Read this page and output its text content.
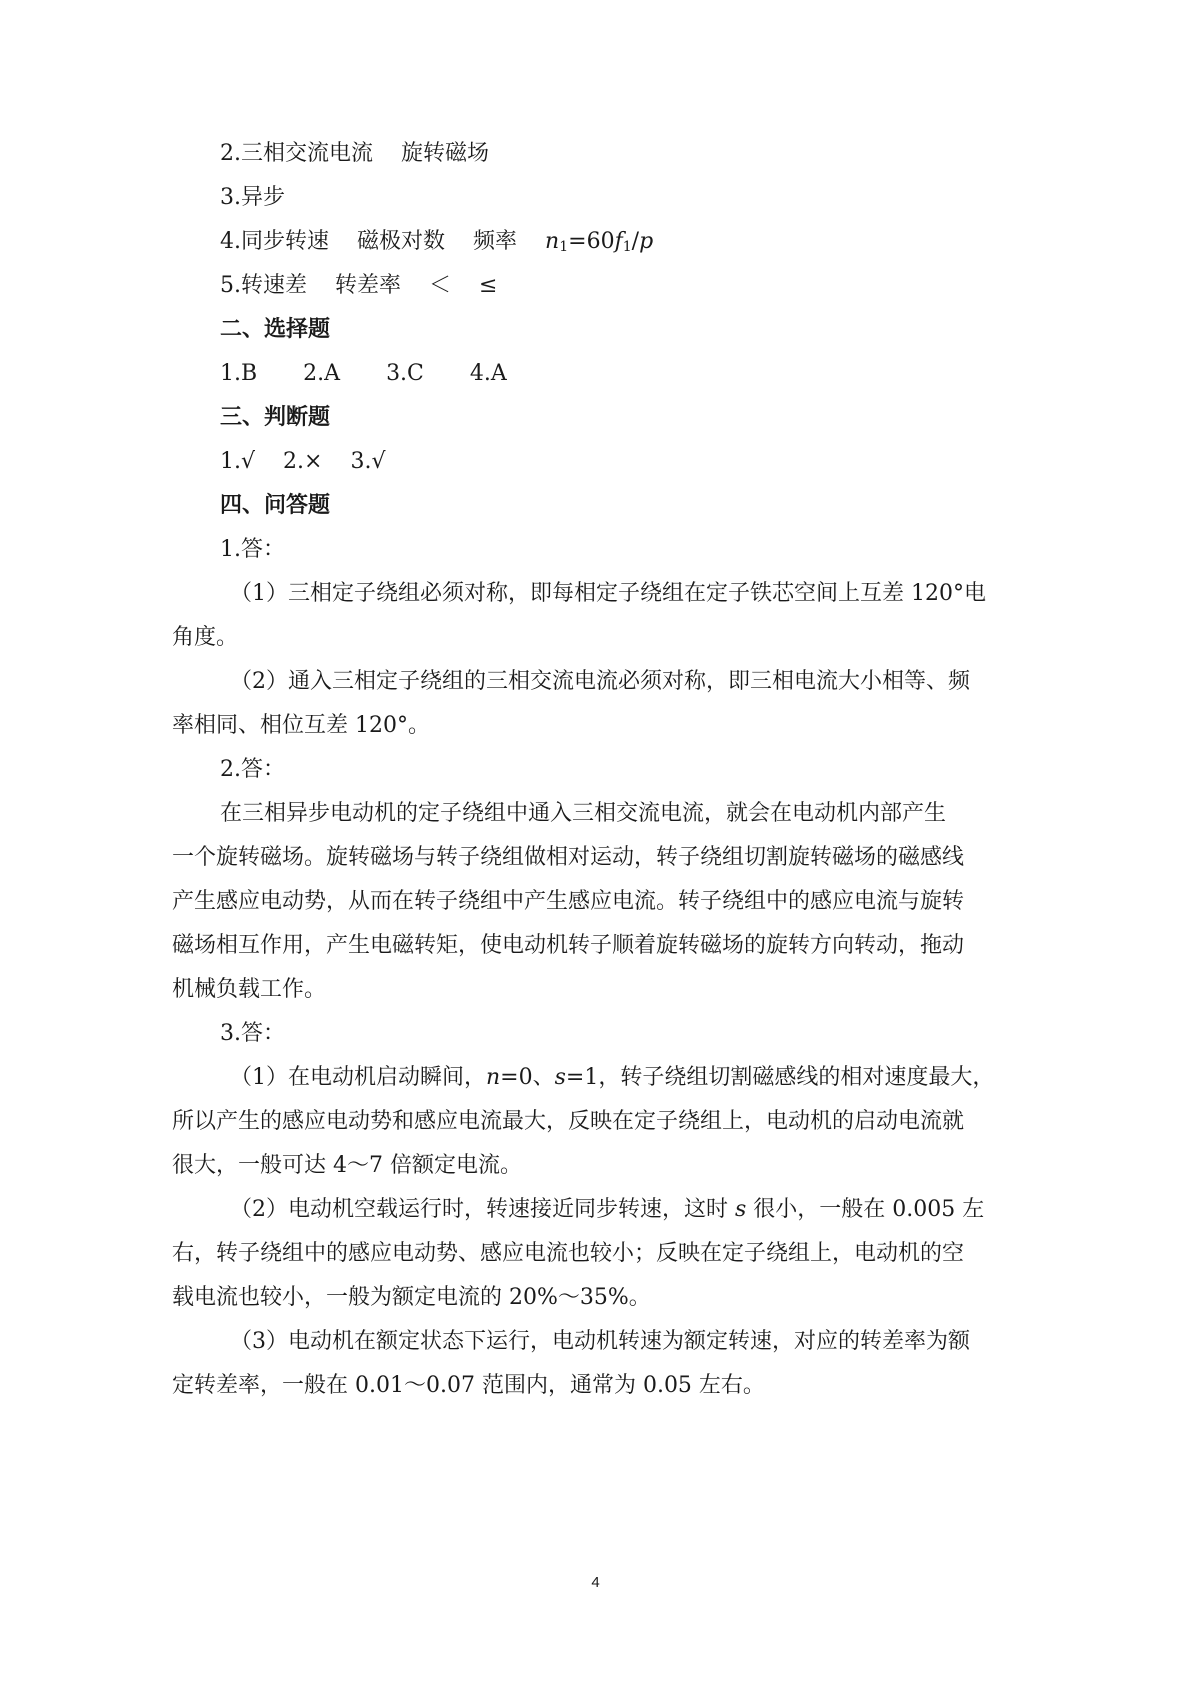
2.三相交流电流 旋转磁场
3.异步
4.同步转速 磁极对数 频率 $n_1=60f_1/p$
5.转速差 转差率 ＜ ≤
二、选择题
1.B 2.A 3.C 4.A
三、判断题
1.√ 2.× 3.√
四、问答题
1.答：
（1）三相定子绕组必须对称，即每相定子绕组在定子铁芯空间上互差 120°电
角度。
（2）通入三相定子绕组的三相交流电流必须对称，即三相电流大小相等、频
率相同、相位互差 120°。
2.答：
在三相异步电动机的定子绕组中通入三相交流电流，就会在电动机内部产生
一个旋转磁场。旋转磁场与转子绕组做相对运动，转子绕组切割旋转磁场的磁感线
产生感应电动势，从而在转子绕组中产生感应电流。转子绕组中的感应电流与旋转
磁场相互作用，产生电磁转矩，使电动机转子顺着旋转磁场的旋转方向转动，拖动
机械负载工作。
3.答：
（1）在电动机启动瞬间，n=0、s=1，转子绕组切割磁感线的相对速度最大，
所以产生的感应电动势和感应电流最大，反映在定子绕组上，电动机的启动电流就
很大，一般可达 4～7 倍额定电流。
（2）电动机空载运行时，转速接近同步转速，这时 s 很小，一般在 0.005 左
右，转子绕组中的感应电动势、感应电流也较小；反映在定子绕组上，电动机的空
载电流也较小，一般为额定电流的 20%～35%。
（3）电动机在额定状态下运行，电动机转速为额定转速，对应的转差率为额
定转差率，一般在 0.01～0.07 范围内，通常为 0.05 左右。
4
